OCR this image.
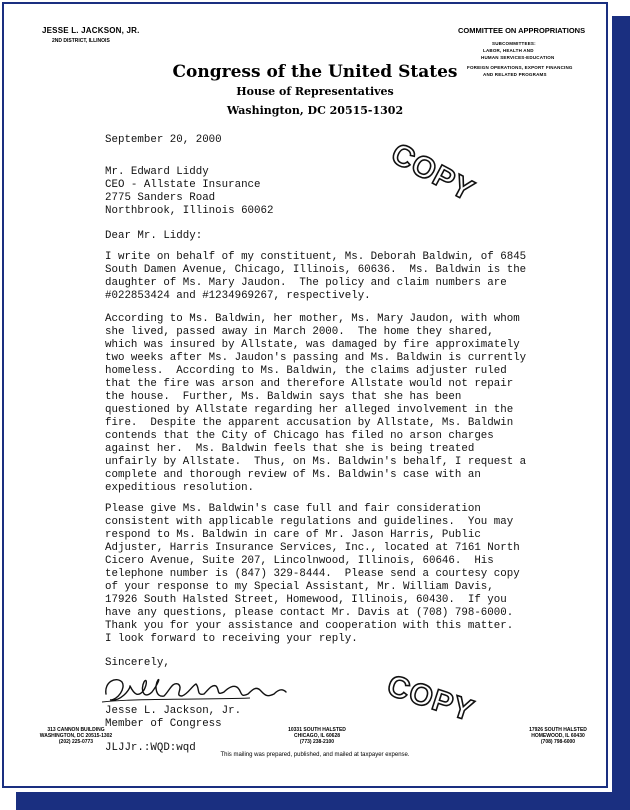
JESSE L. JACKSON, JR.
2ND DISTRICT, ILLINOIS
COMMITTEE ON APPROPRIATIONS
SUBCOMMITTEES:
LABOR, HEALTH AND
HUMAN SERVICES-EDUCATION
FOREIGN OPERATIONS, EXPORT FINANCING
AND RELATED PROGRAMS
Congress of the United States
House of Representatives
Washington, DC 20515-1302
September 20, 2000
Mr. Edward Liddy
CEO - Allstate Insurance
2775 Sanders Road
Northbrook, Illinois 60062
Dear Mr. Liddy:
I write on behalf of my constituent, Ms. Deborah Baldwin, of 6845
South Damen Avenue, Chicago, Illinois, 60636.  Ms. Baldwin is the
daughter of Ms. Mary Jaudon.  The policy and claim numbers are
#022853424 and #1234969267, respectively.
According to Ms. Baldwin, her mother, Ms. Mary Jaudon, with whom
she lived, passed away in March 2000.  The home they shared,
which was insured by Allstate, was damaged by fire approximately
two weeks after Ms. Jaudon's passing and Ms. Baldwin is currently
homeless.  According to Ms. Baldwin, the claims adjuster ruled
that the fire was arson and therefore Allstate would not repair
the house.  Further, Ms. Baldwin says that she has been
questioned by Allstate regarding her alleged involvement in the
fire.  Despite the apparent accusation by Allstate, Ms. Baldwin
contends that the City of Chicago has filed no arson charges
against her.  Ms. Baldwin feels that she is being treated
unfairly by Allstate.  Thus, on Ms. Baldwin's behalf, I request a
complete and thorough review of Ms. Baldwin's case with an
expeditious resolution.
Please give Ms. Baldwin's case full and fair consideration
consistent with applicable regulations and guidelines.  You may
respond to Ms. Baldwin in care of Mr. Jason Harris, Public
Adjuster, Harris Insurance Services, Inc., located at 7161 North
Cicero Avenue, Suite 207, Lincolnwood, Illinois, 60646.  His
telephone number is (847) 329-8444.  Please send a courtesy copy
of your response to my Special Assistant, Mr. William Davis,
17926 South Halsted Street, Homewood, Illinois, 60430.  If you
have any questions, please contact Mr. Davis at (708) 798-6000.
Thank you for your assistance and cooperation with this matter.
I look forward to receiving your reply.
Sincerely,
Jesse L. Jackson, Jr.
Member of Congress
JLJJr.:WQD:wqd
COPY
COPY
313 CANNON BUILDING
WASHINGTON, DC 20515-1302
(202) 225-0773
10331 SOUTH HALSTED
CHICAGO, IL 60628
(773) 238-2100
17926 SOUTH HALSTED
HOMEWOOD, IL 60430
(708) 798-6000
This mailing was prepared, published, and mailed at taxpayer expense.
